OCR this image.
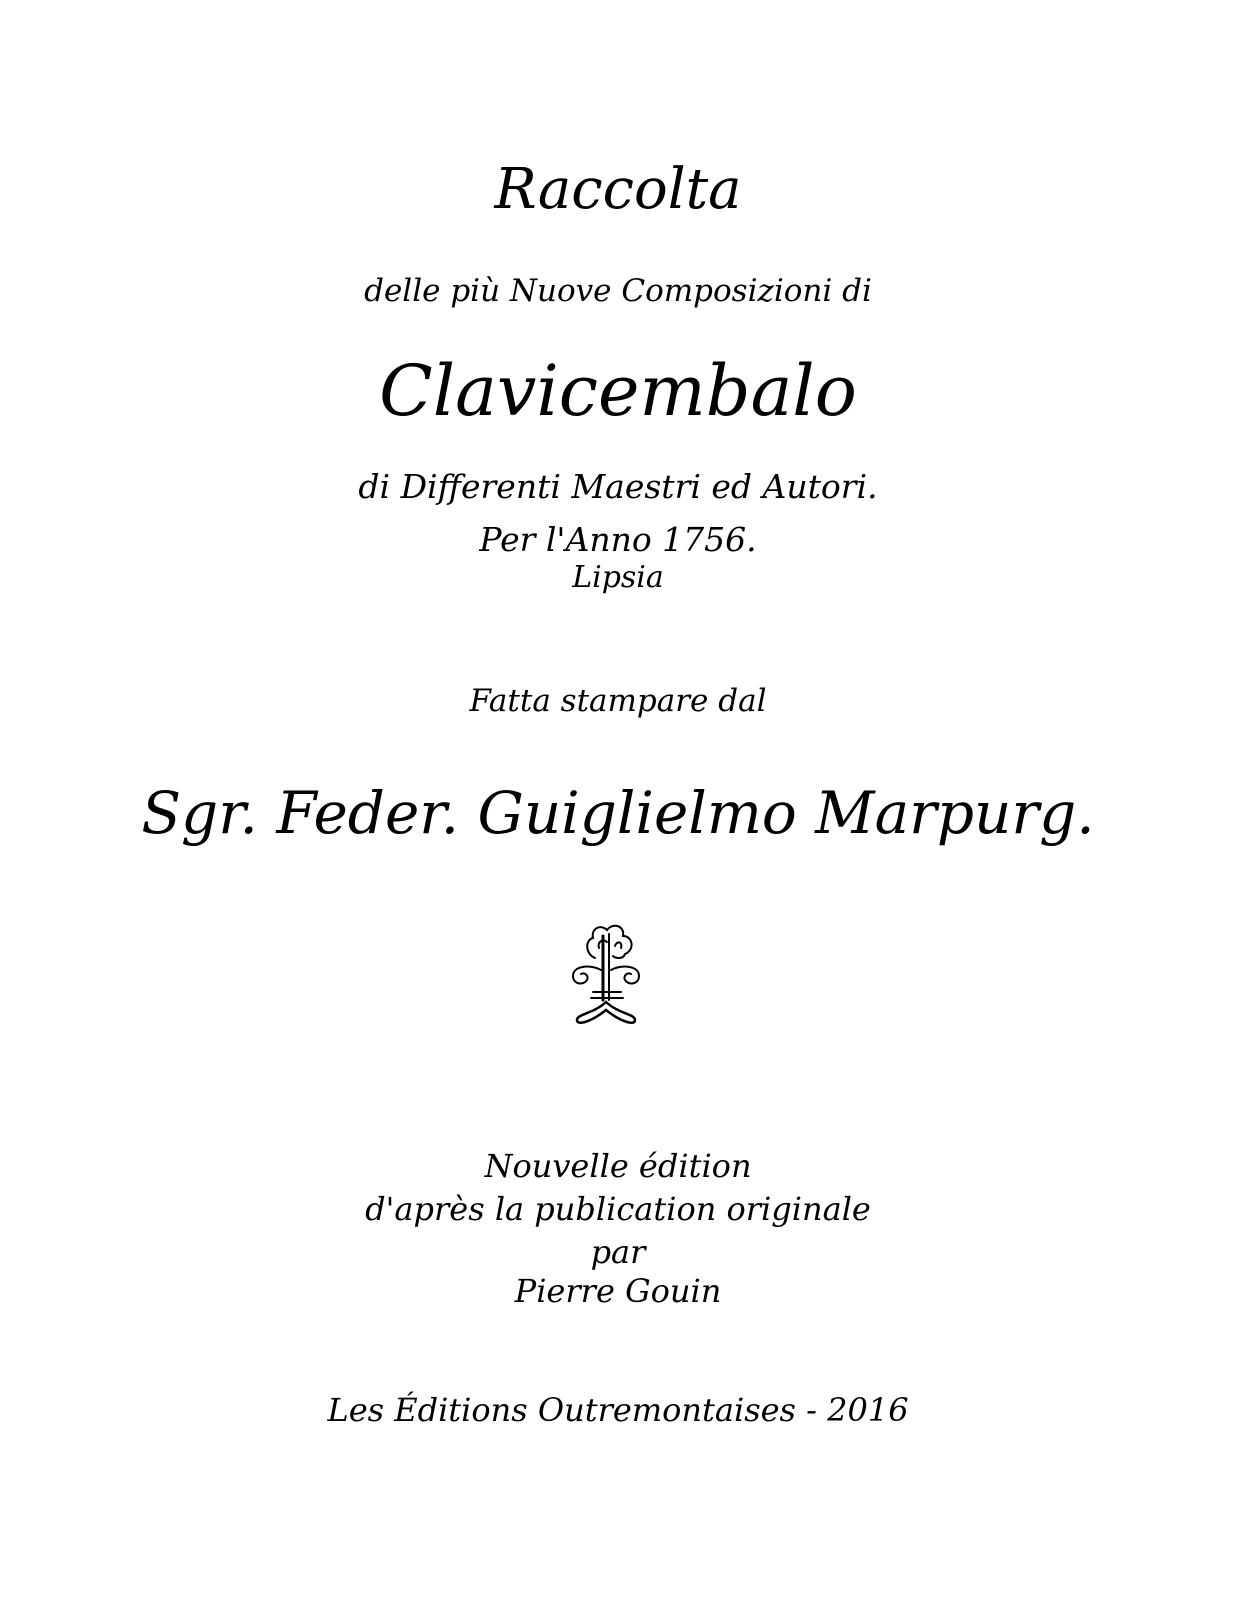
Raccolta
delle più Nuove Composizioni di
Clavicembalo
di Differenti Maestri ed Autori.
Per l'Anno 1756.
Lipsia
Fatta stampare dal
Sgr. Feder. Guiglielmo Marpurg.
Nouvelle édition
d'après la publication originale
par
Pierre Gouin
Les Éditions Outremontaises - 2016
